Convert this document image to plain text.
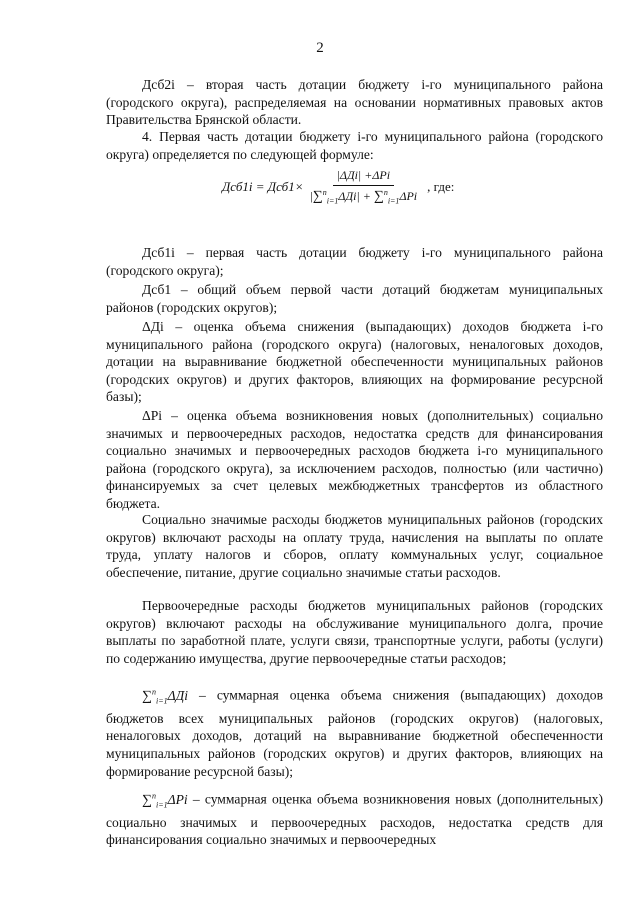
2

Дсб2i – вторая часть дотации бюджету i-го муниципального района (городского округа), распределяемая на основании нормативных правовых актов Правительства Брянской области.

4. Первая часть дотации бюджету i-го муниципального района (городского округа) определяется по следующей формуле:

$Дсб1i = Дсб1\times \frac{\text{|ΔДi| +ΔPi}}{|\sum^n_{i=1}\Delta Дi| + \sum^n_{i=1}\Delta Pi}$ , где:

Дсб1i – первая часть дотации бюджету i-го муниципального района (городского округа);

Дсб1 – общий объем первой части дотаций бюджетам муниципальных районов (городских округов);

ΔДi – оценка объема снижения (выпадающих) доходов бюджета i-го муниципального района (городского округа) (налоговых, неналоговых доходов, дотации на выравнивание бюджетной обеспеченности муниципальных районов (городских округов) и других факторов, влияющих на формирование ресурсной базы);

ΔPi – оценка объема возникновения новых (дополнительных) социально значимых и первоочередных расходов, недостатка средств для финансирования социально значимых и первоочередных расходов бюджета i-го муниципального района (городского округа), за исключением расходов, полностью (или частично) финансируемых за счет целевых межбюджетных трансфертов из областного бюджета.

Социально значимые расходы бюджетов муниципальных районов (городских округов) включают расходы на оплату труда, начисления на выплаты по оплате труда, уплату налогов и сборов, оплату коммунальных услуг, социальное обеспечение, питание, другие социально значимые статьи расходов.

Первоочередные расходы бюджетов муниципальных районов (городских округов) включают расходы на обслуживание муниципального долга, прочие выплаты по заработной плате, услуги связи, транспортные услуги, работы (услуги) по содержанию имущества, другие первоочередные статьи расходов;

∑$^n_{i=1}$ΔДi – суммарная оценка объема снижения (выпадающих) доходов бюджетов всех муниципальных районов (городских округов) (налоговых, неналоговых доходов, дотаций на выравнивание бюджетной обеспеченности муниципальных районов (городских округов) и других факторов, влияющих на формирование ресурсной базы);

∑$^n_{i=1}$ΔPi – суммарная оценка объема возникновения новых (дополнительных) социально значимых и первоочередных расходов, недостатка средств для финансирования социально значимых и первоочередных
